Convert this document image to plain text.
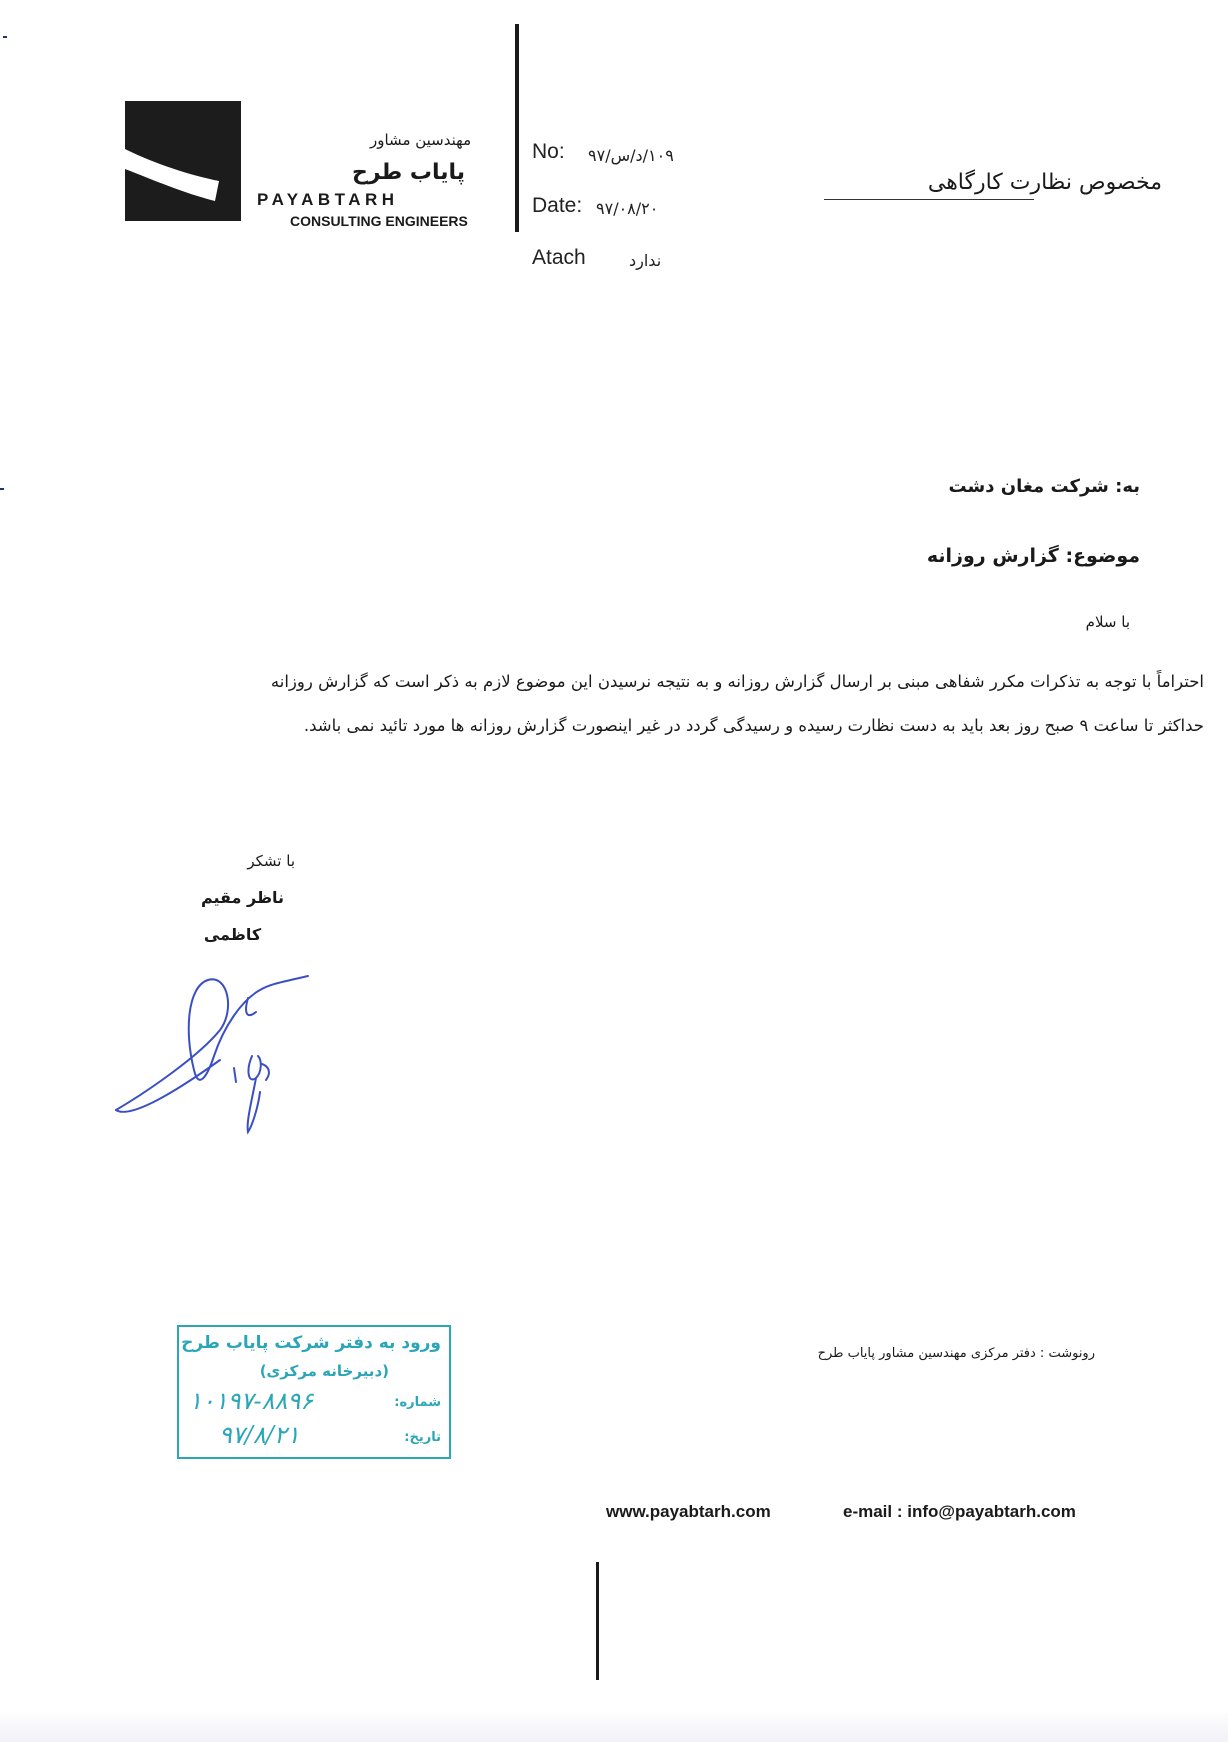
مهندسین مشاور
پایاب طرح
PAYABTARH
CONSULTING ENGINEERS
No: ۱۰۹/د/س/۹۷
Date: ۹۷/۰۸/۲۰
Atach	ندارد
مخصوص نظارت کارگاهی
به: شرکت مغان دشت
موضوع: گزارش روزانه
با سلام
احتراماً با توجه به تذکرات مکرر شفاهی مبنی بر ارسال گزارش روزانه و به نتیجه نرسیدن این موضوع لازم به ذکر است که گزارش روزانه
حداکثر تا ساعت ۹ صبح روز بعد باید به دست نظارت رسیده و رسیدگی گردد در غیر اینصورت گزارش روزانه ها مورد تائید نمی باشد.
با تشکر
ناظر مقیم
کاظمی
ورود به دفتر شرکت پایاب طرح
(دبیرخانه مرکزی)
شماره:
۱۰۱۹۷-۸۸۹۶
تاریخ:
۹۷/۸/۲۱
رونوشت : دفتر مرکزی مهندسین مشاور پایاب طرح
www.payabtarh.com	e-mail : info@payabtarh.com
